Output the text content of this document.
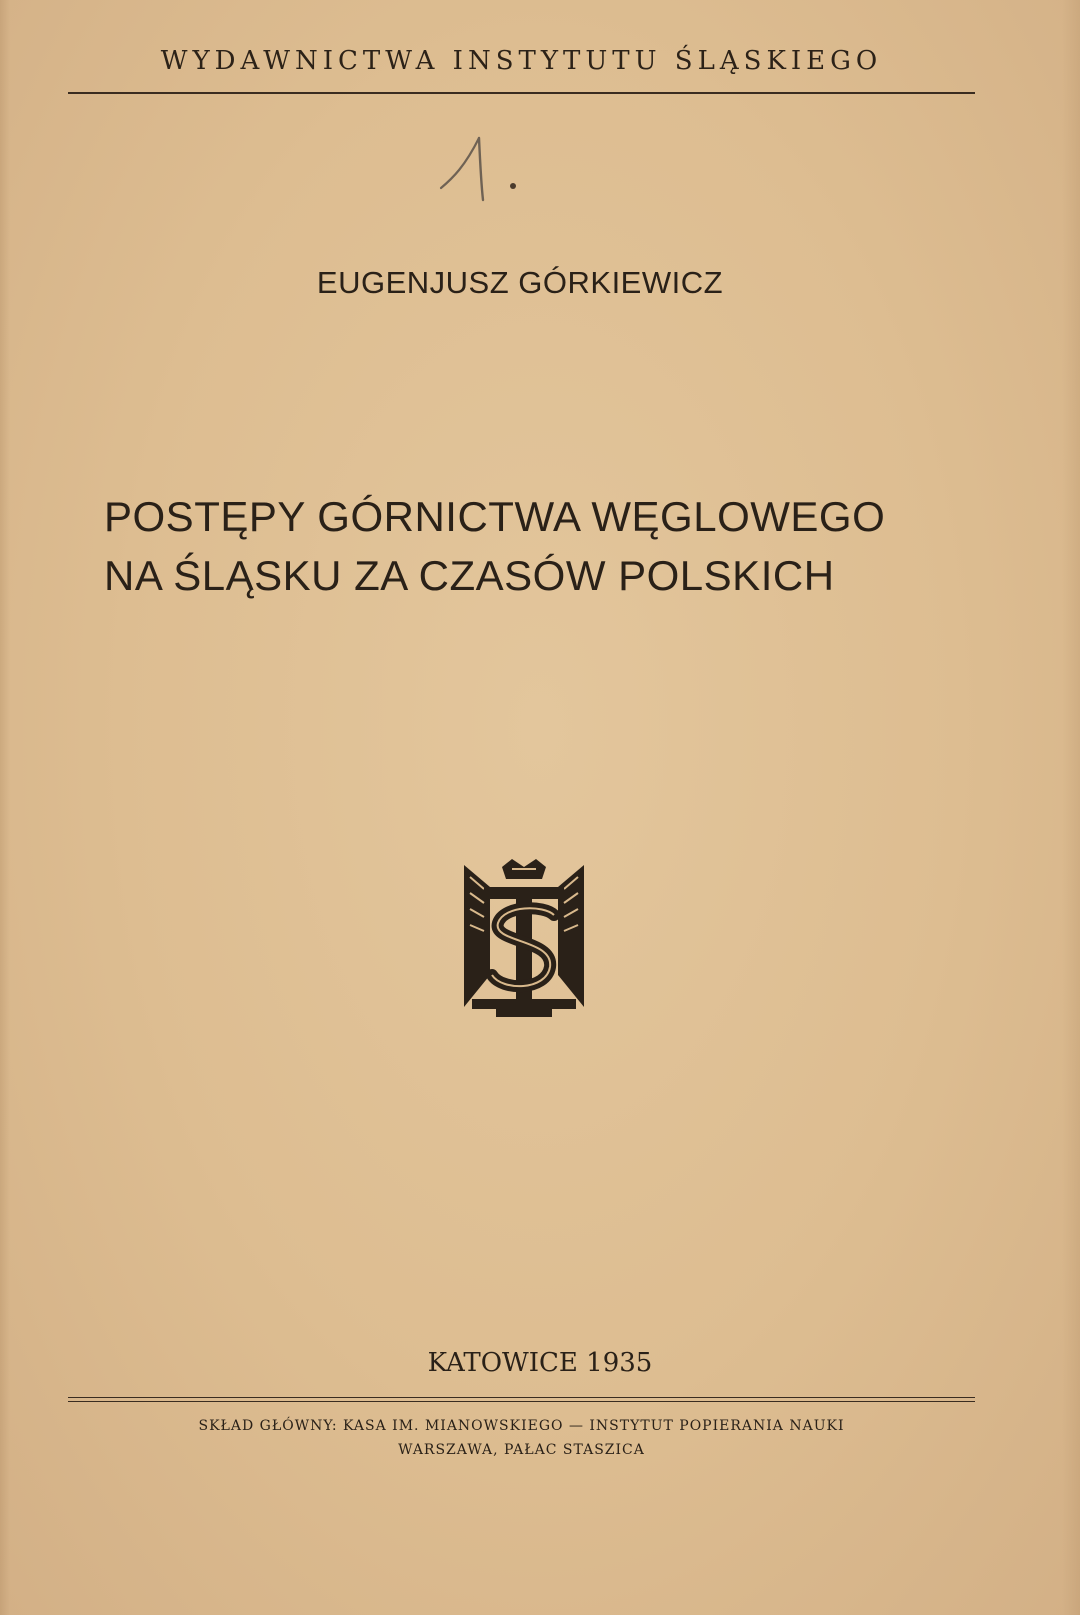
WYDAWNICTWA INSTYTUTU ŚLĄSKIEGO
EUGENJUSZ GÓRKIEWICZ
POSTĘPY GÓRNICTWA WĘGLOWEGO
NA ŚLĄSKU ZA CZASÓW POLSKICH
KATOWICE 1935
SKŁAD GŁÓWNY: KASA IM. MIANOWSKIEGO — INSTYTUT POPIERANIA NAUKI
WARSZAWA, PAŁAC STASZICA
